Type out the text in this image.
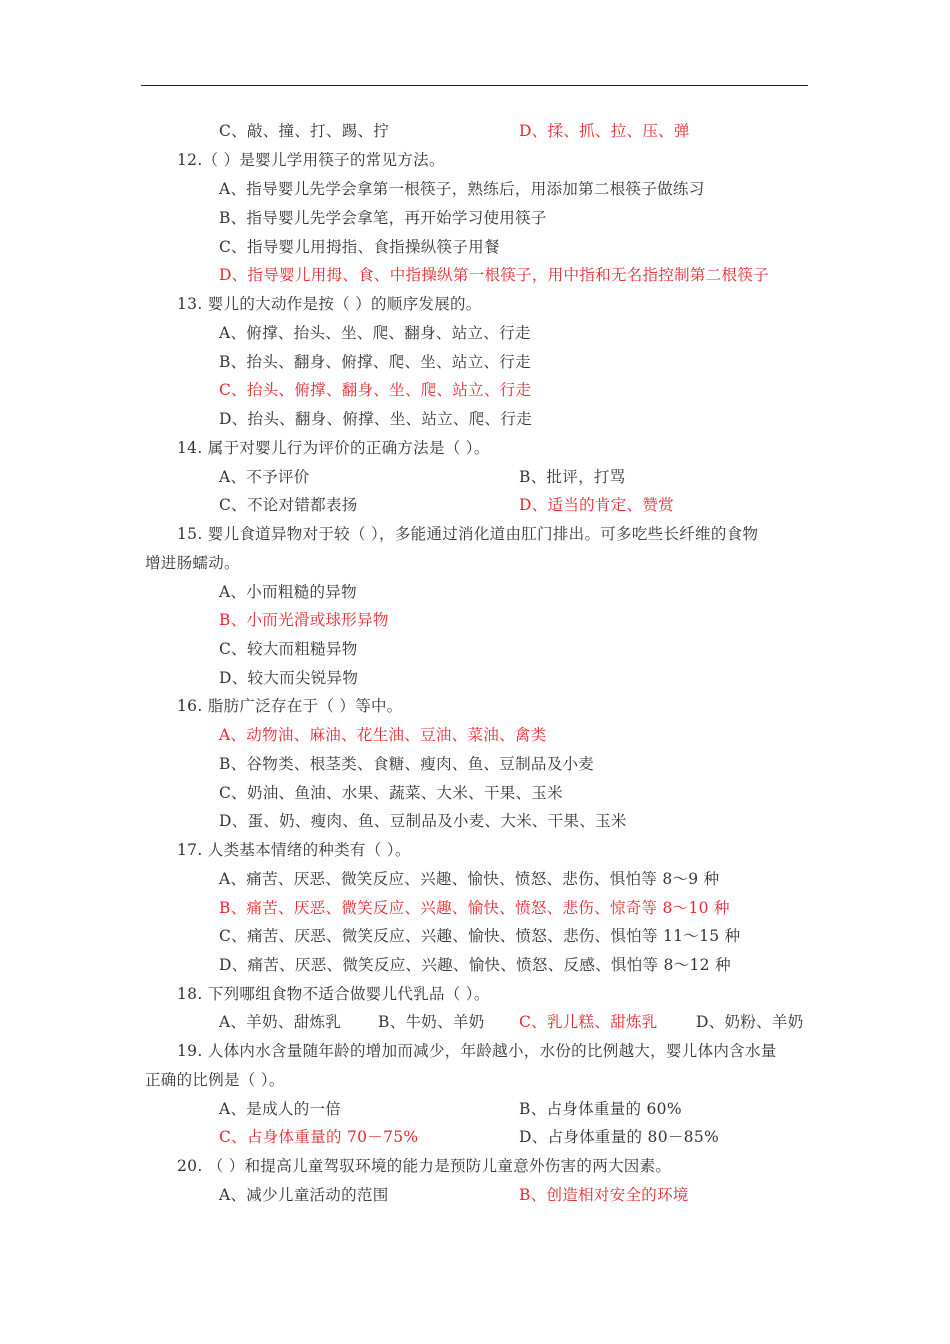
C、敲、撞、打、踢、拧	D、揉、抓、拉、压、弹
12.（ ）是婴儿学用筷子的常见方法。
A、指导婴儿先学会拿第一根筷子，熟练后，用添加第二根筷子做练习
B、指导婴儿先学会拿笔，再开始学习使用筷子
C、指导婴儿用拇指、食指操纵筷子用餐
D、指导婴儿用拇、食、中指操纵第一根筷子，用中指和无名指控制第二根筷子
13. 婴儿的大动作是按（ ）的顺序发展的。
A、俯撑、抬头、坐、爬、翻身、站立、行走
B、抬头、翻身、俯撑、爬、坐、站立、行走
C、抬头、俯撑、翻身、坐、爬、站立、行走
D、抬头、翻身、俯撑、坐、站立、爬、行走
14. 属于对婴儿行为评价的正确方法是（ ）。
A、不予评价	B、批评，打骂
C、不论对错都表扬	D、适当的肯定、赞赏
15. 婴儿食道异物对于较（ ），多能通过消化道由肛门排出。可多吃些长纤维的食物
增进肠蠕动。
A、小而粗糙的异物
B、小而光滑或球形异物
C、较大而粗糙异物
D、较大而尖锐异物
16. 脂肪广泛存在于（ ）等中。
A、动物油、麻油、花生油、豆油、菜油、禽类
B、谷物类、根茎类、食糖、瘦肉、鱼、豆制品及小麦
C、奶油、鱼油、水果、蔬菜、大米、干果、玉米
D、蛋、奶、瘦肉、鱼、豆制品及小麦、大米、干果、玉米
17. 人类基本情绪的种类有（ ）。
A、痛苦、厌恶、微笑反应、兴趣、愉快、愤怒、悲伤、惧怕等 8～9 种
B、痛苦、厌恶、微笑反应、兴趣、愉快、愤怒、悲伤、惊奇等 8～10 种
C、痛苦、厌恶、微笑反应、兴趣、愉快、愤怒、悲伤、惧怕等 11～15 种
D、痛苦、厌恶、微笑反应、兴趣、愉快、愤怒、反感、惧怕等 8～12 种
18. 下列哪组食物不适合做婴儿代乳品（ ）。
A、羊奶、甜炼乳 B、牛奶、羊奶 C、乳儿糕、甜炼乳 D、奶粉、羊奶
19. 人体内水含量随年龄的增加而减少，年龄越小，水份的比例越大，婴儿体内含水量
正确的比例是（ ）。
A、是成人的一倍	B、占身体重量的 60%
C、占身体重量的 70－75%	D、占身体重量的 80－85%
20. （ ）和提高儿童驾驭环境的能力是预防儿童意外伤害的两大因素。
A、减少儿童活动的范围	B、创造相对安全的环境
